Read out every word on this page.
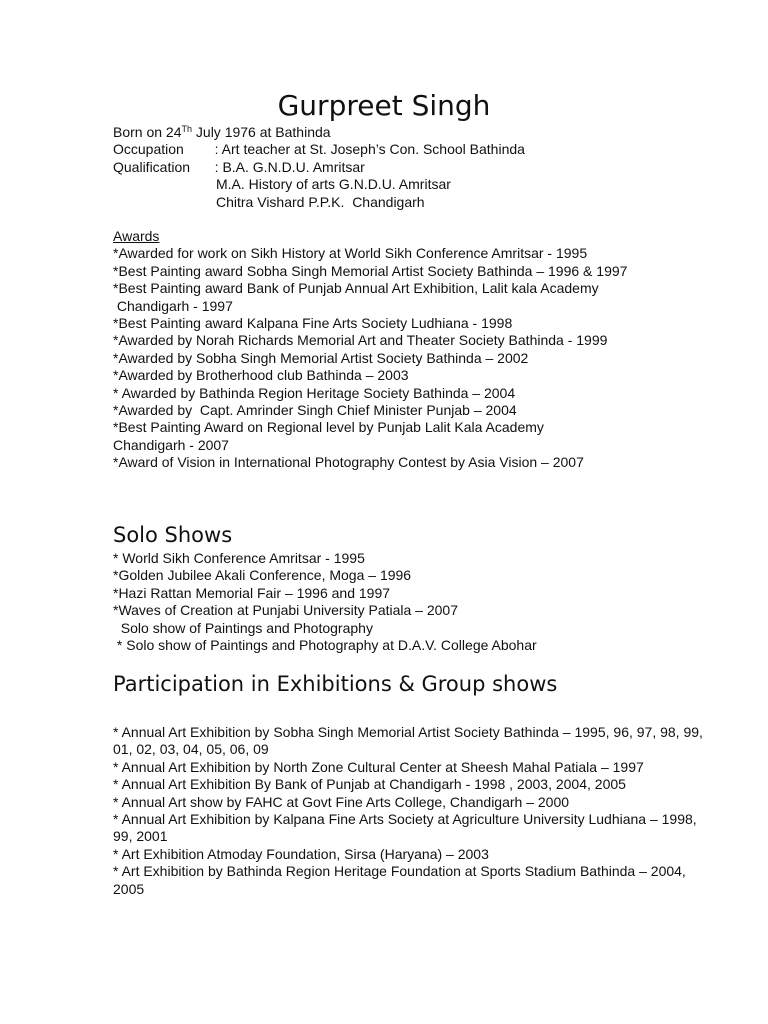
Gurpreet Singh
Born on 24Th July 1976 at Bathinda
Occupation   : Art teacher at St. Joseph’s Con. School Bathinda
Qualification   : B.A. G.N.D.U. Amritsar
M.A. History of arts G.N.D.U. Amritsar
Chitra Vishard P.P.K.  Chandigarh
Awards
*Awarded for work on Sikh History at World Sikh Conference Amritsar - 1995
*Best Painting award Sobha Singh Memorial Artist Society Bathinda – 1996 & 1997
*Best Painting award Bank of Punjab Annual Art Exhibition, Lalit kala Academy
Chandigarh - 1997
*Best Painting award Kalpana Fine Arts Society Ludhiana - 1998
*Awarded by Norah Richards Memorial Art and Theater Society Bathinda - 1999
*Awarded by Sobha Singh Memorial Artist Society Bathinda – 2002
*Awarded by Brotherhood club Bathinda – 2003
* Awarded by Bathinda Region Heritage Society Bathinda – 2004
*Awarded by  Capt. Amrinder Singh Chief Minister Punjab – 2004
*Best Painting Award on Regional level by Punjab Lalit Kala Academy
Chandigarh - 2007
*Award of Vision in International Photography Contest by Asia Vision – 2007
Solo Shows
* World Sikh Conference Amritsar - 1995
*Golden Jubilee Akali Conference, Moga – 1996
*Hazi Rattan Memorial Fair – 1996 and 1997
*Waves of Creation at Punjabi University Patiala – 2007
Solo show of Paintings and Photography
* Solo show of Paintings and Photography at D.A.V. College Abohar
Participation in Exhibitions & Group shows
* Annual Art Exhibition by Sobha Singh Memorial Artist Society Bathinda – 1995, 96, 97, 98, 99, 01, 02, 03, 04, 05, 06, 09
* Annual Art Exhibition by North Zone Cultural Center at Sheesh Mahal Patiala – 1997
* Annual Art Exhibition By Bank of Punjab at Chandigarh - 1998 , 2003, 2004, 2005
* Annual Art show by FAHC at Govt Fine Arts College, Chandigarh – 2000
* Annual Art Exhibition by Kalpana Fine Arts Society at Agriculture University Ludhiana – 1998, 99, 2001
* Art Exhibition Atmoday Foundation, Sirsa (Haryana) – 2003
* Art Exhibition by Bathinda Region Heritage Foundation at Sports Stadium Bathinda – 2004, 2005
